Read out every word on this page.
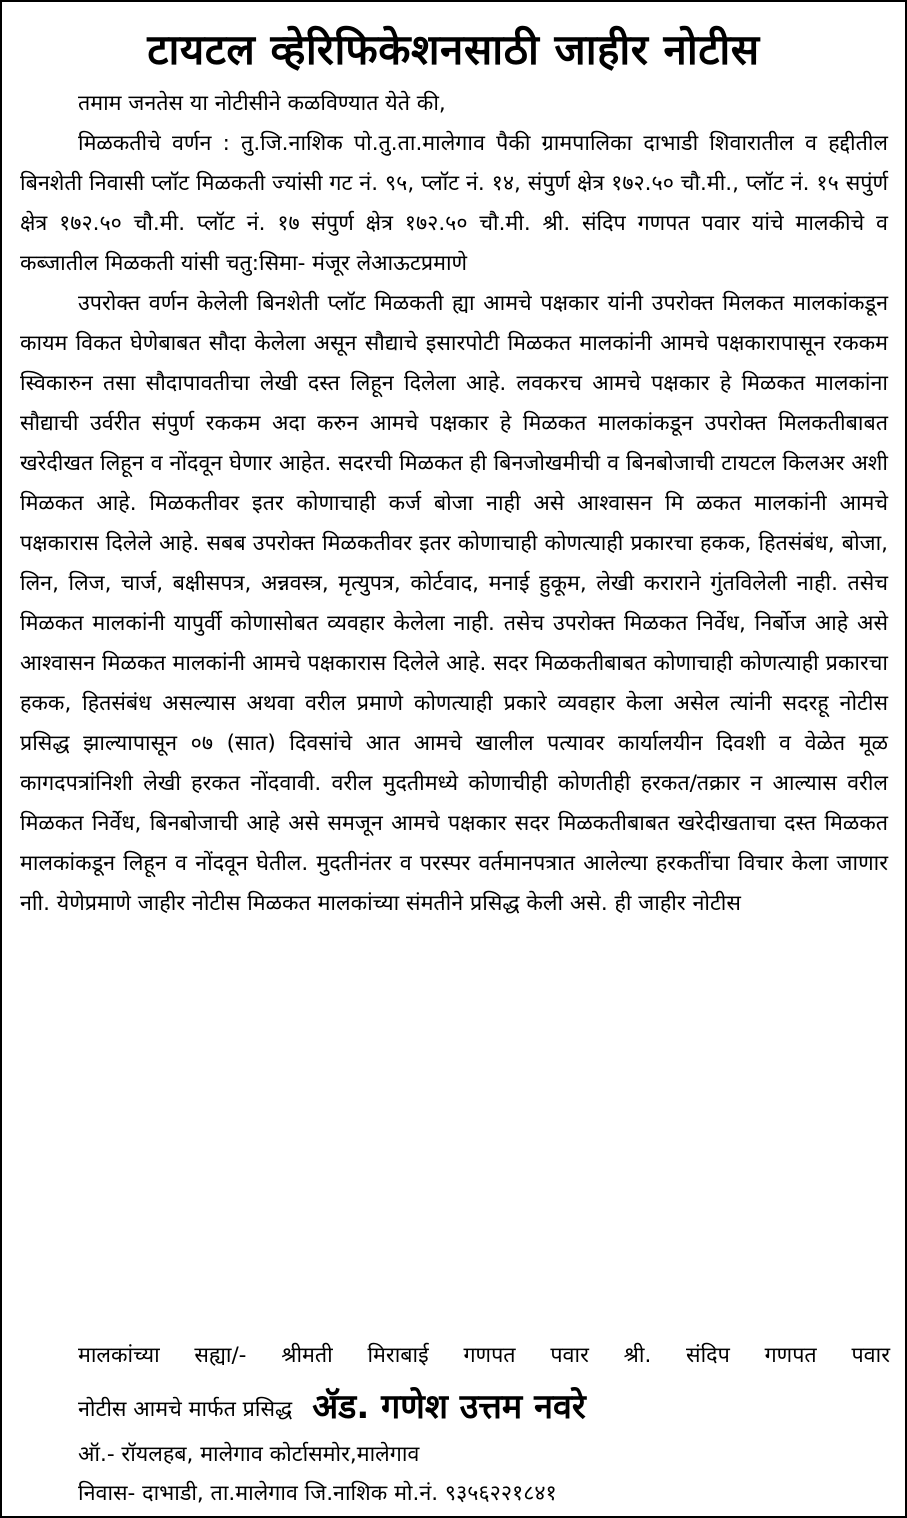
टायटल व्हेरिफिकेशनसाठी जाहीर नोटीस

तमाम जनतेस या नोटीसीने कळविण्यात येते की,

मिळकतीचे वर्णन : तु.जि.नाशिक पो.तु.ता.मालेगाव पैकी ग्रामपालिका दाभाडी शिवारातील व हद्दीतील बिनशेती निवासी प्लॉट मिळकती ज्यांसी गट नं. ९५, प्लॉट नं. १४, संपुर्ण क्षेत्र १७२.५० चौ.मी., प्लॉट नं. १५ सपुंर्ण क्षेत्र १७२.५० चौ.मी. प्लॉट नं. १७ संपुर्ण क्षेत्र १७२.५० चौ.मी. श्री. संदिप गणपत पवार यांचे मालकीचे व कब्जातील मिळकती यांसी चतु:सिमा- मंजूर लेआऊटप्रमाणे

उपरोक्त वर्णन केलेली बिनशेती प्लॉट मिळकती ह्या आमचे पक्षकार यांनी उपरोक्त मिलकत मालकांकडून कायम विकत घेणेबाबत सौदा केलेला असून सौद्याचे इसारपोटी मिळकत मालकांनी आमचे पक्षकारापासून रककम स्विकारुन तसा सौदापावतीचा लेखी दस्त लिहून दिलेला आहे. लवकरच आमचे पक्षकार हे मिळकत मालकांना सौद्याची उर्वरीत संपुर्ण रककम अदा करुन आमचे पक्षकार हे मिळकत मालकांकडून उपरोक्त मिलकतीबाबत खरेदीखत लिहून व नोंदवून घेणार आहेत. सदरची मिळकत ही बिनजोखमीची व बिनबोजाची टायटल किलअर अशी मिळकत आहे. मिळकतीवर इतर कोणाचाही कर्ज बोजा नाही असे आश्वासन मि ळकत मालकांनी आमचे पक्षकारास दिलेले आहे. सबब उपरोक्त मिळकतीवर इतर कोणाचाही कोणत्याही प्रकारचा हकक, हितसंबंध, बोजा, लिन, लिज, चार्ज, बक्षीसपत्र, अन्नवस्त्र, मृत्युपत्र, कोर्टवाद, मनाई हुकूम, लेखी कराराने गुंतविलेली नाही. तसेच मिळकत मालकांनी यापुर्वी कोणासोबत व्यवहार केलेला नाही. तसेच उपरोक्त मिळकत निर्वेध, निर्बोज आहे असे आश्वासन मिळकत मालकांनी आमचे पक्षकारास दिलेले आहे. सदर मिळकतीबाबत कोणाचाही कोणत्याही प्रकारचा हकक, हितसंबंध असल्यास अथवा वरील प्रमाणे कोणत्याही प्रकारे व्यवहार केला असेल त्यांनी सदरहू नोटीस प्रसिद्ध झाल्यापासून ०७ (सात) दिवसांचे आत आमचे खालील पत्यावर कार्यालयीन दिवशी व वेळेत मूळ कागदपत्रांनिशी लेखी हरकत नोंदवावी. वरील मुदतीमध्ये कोणाचीही कोणतीही हरकत/तक्रार न आल्यास वरील मिळकत निर्वेध, बिनबोजाची आहे असे समजून आमचे पक्षकार सदर मिळकतीबाबत खरेदीखताचा दस्त मिळकत मालकांकडून लिहून व नोंदवून घेतील. मुदतीनंतर व परस्पर वर्तमानपत्रात आलेल्या हरकतींचा विचार केला जाणार नाी. येणेप्रमाणे जाहीर नोटीस मिळकत मालकांच्या संमतीने प्रसिद्ध केली असे. ही जाहीर नोटीस

मालकांच्या सह्या/- श्रीमती मिराबाई गणपत पवार श्री. संदिप गणपत पवार
नोटीस आमचे मार्फत प्रसिद्ध ॲड. गणेश उत्तम नवरे
ऑ.- रॉयलहब, मालेगाव कोर्टासमोर,मालेगाव
निवास- दाभाडी, ता.मालेगाव जि.नाशिक मो.नं. ९३५६२२१८४१
